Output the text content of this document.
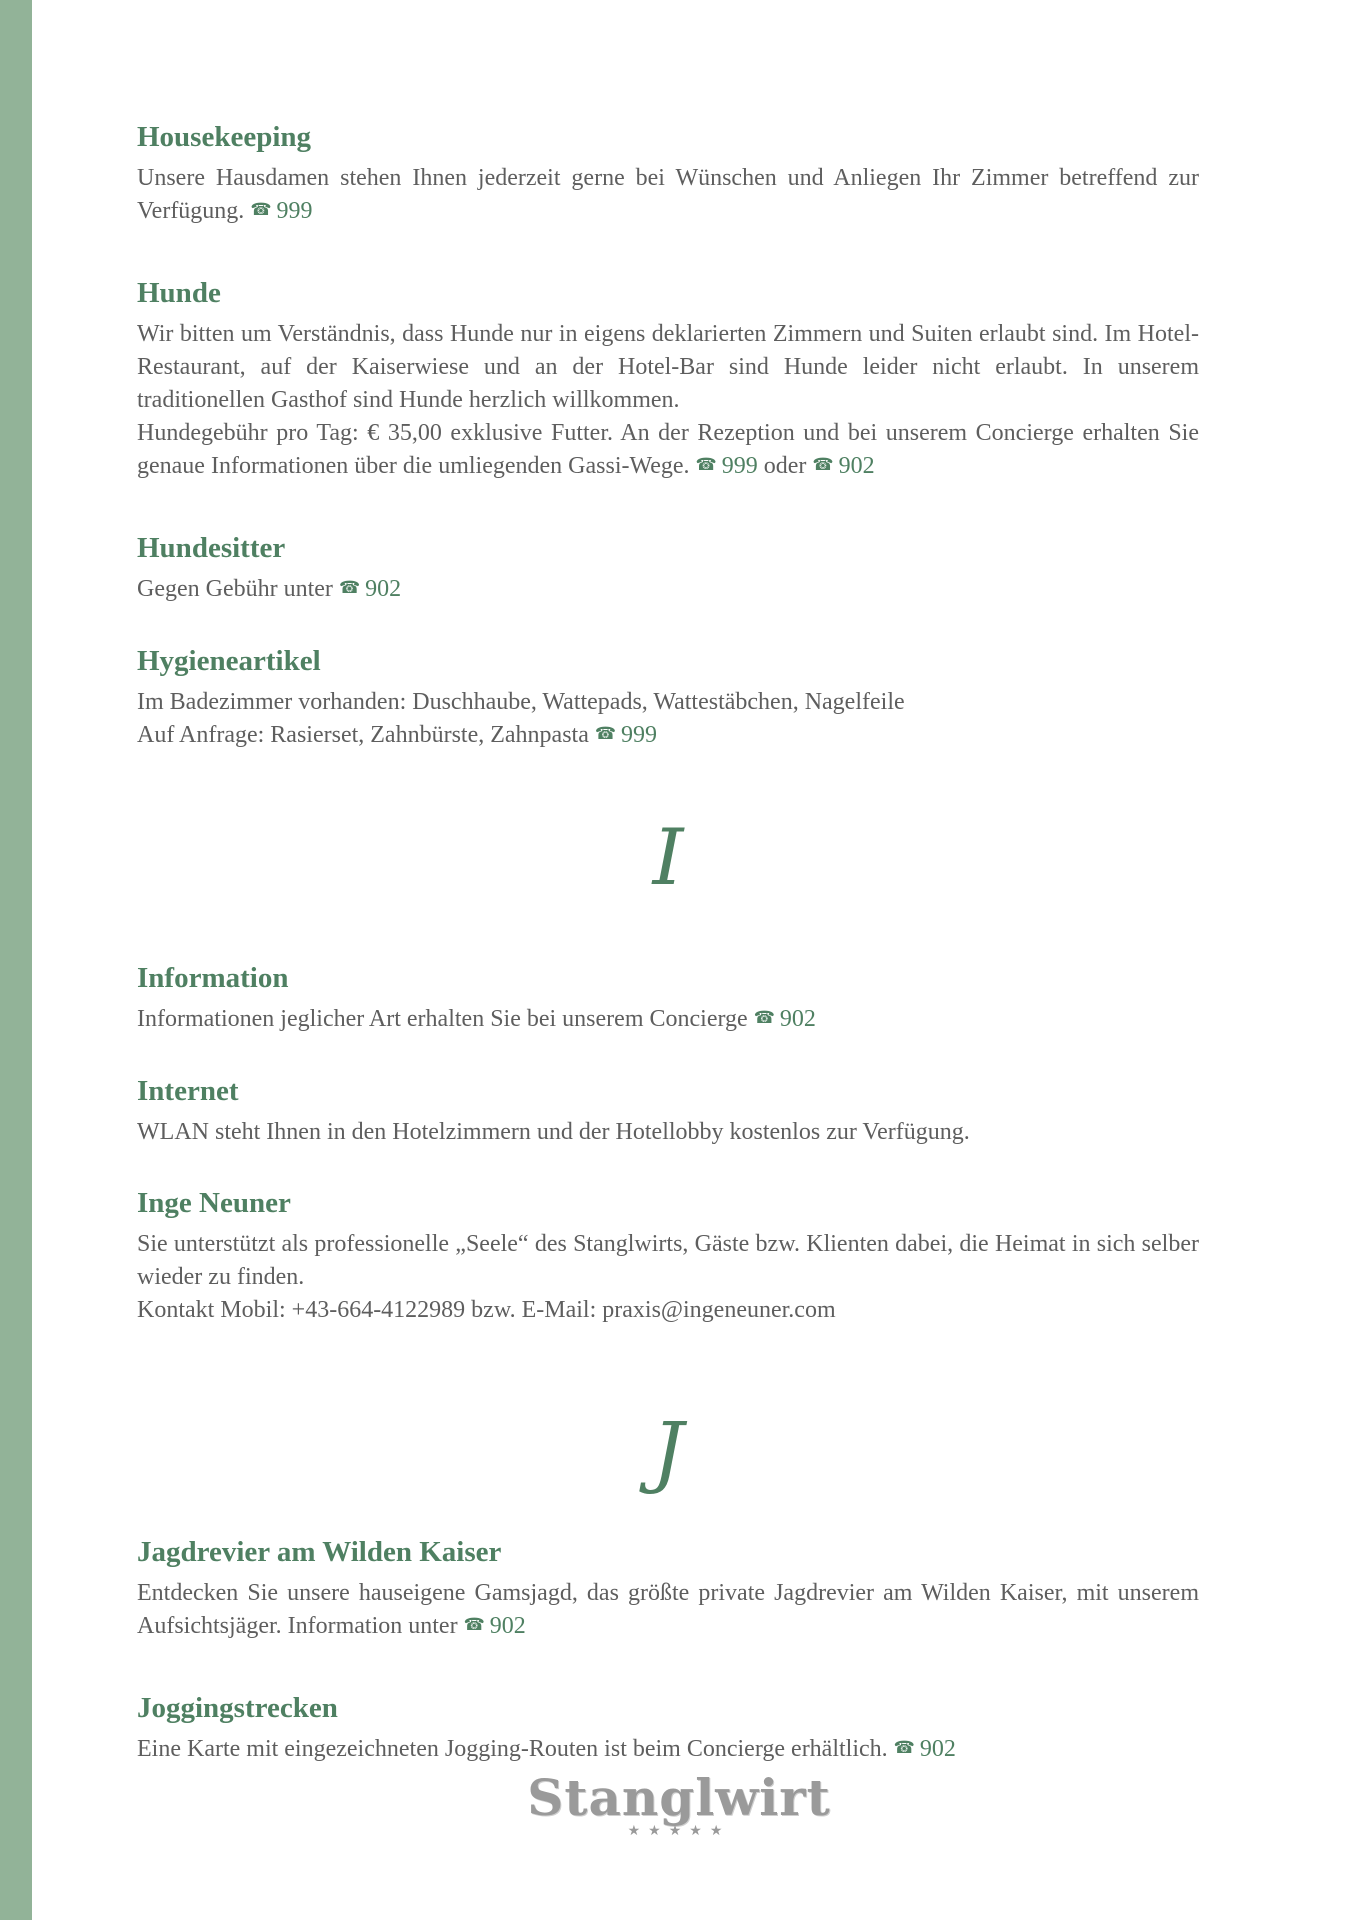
Housekeeping

Unsere Hausdamen stehen Ihnen jederzeit gerne bei Wünschen und Anliegen Ihr Zimmer betreffend zur Verfügung. ☎ 999

Hunde

Wir bitten um Verständnis, dass Hunde nur in eigens deklarierten Zimmern und Suiten erlaubt sind. Im Hotel-Restaurant, auf der Kaiserwiese und an der Hotel-Bar sind Hunde leider nicht erlaubt. In unserem traditionellen Gasthof sind Hunde herzlich willkommen.

Hundegebühr pro Tag: € 35,00 exklusive Futter. An der Rezeption und bei unserem Concierge erhalten Sie genaue Informationen über die umliegenden Gassi-Wege. ☎ 999 oder ☎ 902

Hundesitter

Gegen Gebühr unter ☎ 902

Hygieneartikel

Im Badezimmer vorhanden: Duschhaube, Wattepads, Wattestäbchen, Nagelfeile

Auf Anfrage: Rasierset, Zahnbürste, Zahnpasta ☎ 999

I
Information

Informationen jeglicher Art erhalten Sie bei unserem Concierge ☎ 902

Internet

WLAN steht Ihnen in den Hotelzimmern und der Hotellobby kostenlos zur Verfügung.

Inge Neuner

Sie unterstützt als professionelle „Seele“ des Stanglwirts, Gäste bzw. Klienten dabei, die Heimat in sich selber wieder zu finden.

Kontakt Mobil: +43-664-4122989 bzw. E-Mail: praxis@ingeneuner.com

J
Jagdrevier am Wilden Kaiser

Entdecken Sie unsere hauseigene Gamsjagd, das größte private Jagdrevier am Wilden Kaiser, mit unserem Aufsichtsjäger. Information unter ☎ 902

Joggingstrecken

Eine Karte mit eingezeichneten Jogging-Routen ist beim Concierge erhältlich. ☎ 902

Stanglwirt
★★★★★
